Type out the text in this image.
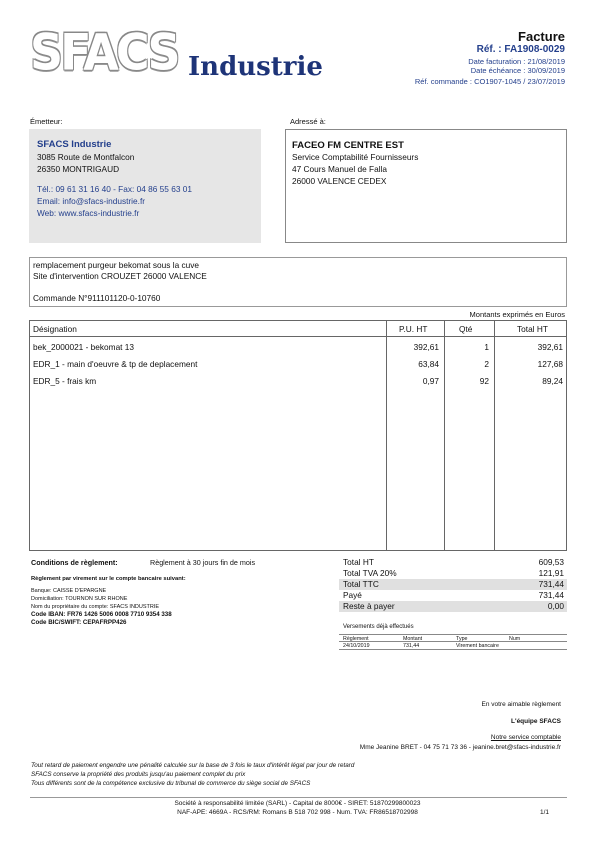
SFACS Industrie
Facture
Réf. : FA1908-0029
Date facturation : 21/08/2019
Date échéance : 30/09/2019
Réf. commande : CO1907-1045 / 23/07/2019
Émetteur:
SFACS Industrie
3085 Route de Montfalcon
26350 MONTRIGAUD
Tél.: 09 61 31 16 40 - Fax: 04 86 55 63 01
Email: info@sfacs-industrie.fr
Web: www.sfacs-industrie.fr
Adressé à:
FACEO FM CENTRE EST
Service Comptabilité Fournisseurs
47 Cours Manuel de Falla
26000 VALENCE CEDEX
remplacement purgeur bekomat sous la cuve
Site d'intervention CROUZET 26000 VALENCE
Commande N°911101120-0-10760
Montants exprimés en Euros
Désignation	P.U. HT	Qté	Total HT
bek_2000021 - bekomat 13	392,61	1	392,61
EDR_1 - main d'oeuvre & tp de deplacement	63,84	2	127,68
EDR_5 - frais km	0,97	92	89,24
Conditions de règlement:	Règlement à 30 jours fin de mois
Règlement par virement sur le compte bancaire suivant:
Banque: CAISSE D'EPARGNE
Domiciliation: TOURNON SUR RHONE
Nom du propriétaire du compte: SFACS INDUSTRIE
Code IBAN: FR76 1426 5006 0008 7710 9354 338
Code BIC/SWIFT: CEPAFRPP426
Total HT	609,53
Total TVA 20%	121,91
Total TTC	731,44
Payé	731,44
Reste à payer	0,00
Versements déjà effectués
Règlement	Montant	Type	Num
24/10/2019	731,44	Virement bancaire
En votre aimable règlement
L'équipe SFACS
Notre service comptable
Mme Jeanine BRET - 04 75 71 73 36 - jeanine.bret@sfacs-industrie.fr
Tout retard de paiement engendre une pénalité calculée sur la base de 3 fois le taux d'intérêt légal par jour de retard
SFACS conserve la propriété des produits jusqu'au paiement complet du prix
Tous différents sont de la compétence exclusive du tribunal de commerce du siège social de SFACS
Société à responsabilité limitée (SARL) - Capital de 8000€ - SIRET: 51870299800023
NAF-APE: 4669A - RCS/RM: Romans B 518 702 998 - Num. TVA: FR86518702998	1/1
